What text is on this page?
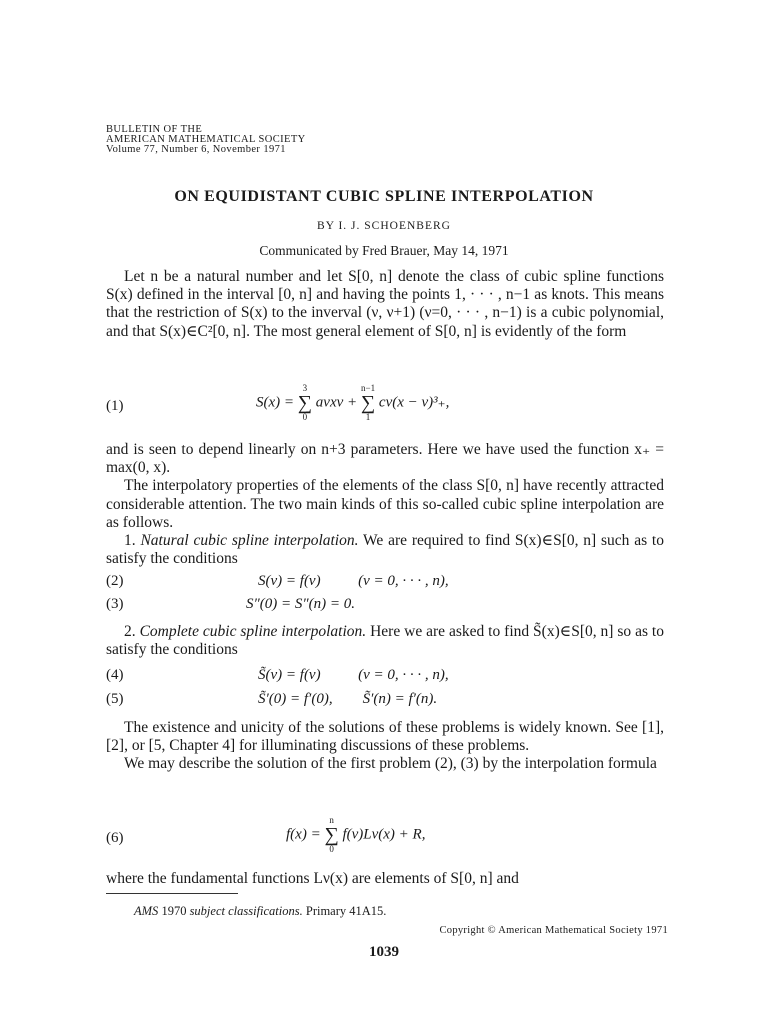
BULLETIN OF THE
AMERICAN MATHEMATICAL SOCIETY
Volume 77, Number 6, November 1971
ON EQUIDISTANT CUBIC SPLINE INTERPOLATION
BY I. J. SCHOENBERG
Communicated by Fred Brauer, May 14, 1971

Let n be a natural number and let S[0, n] denote the class of cubic spline functions S(x) defined in the interval [0, n] and having the points 1, · · · , n−1 as knots. This means that the restriction of S(x) to the inverval (ν, ν+1) (ν=0, · · · , n−1) is a cubic polynomial, and that S(x)∈C²[0, n]. The most general element of S[0, n] is evidently of the form

(1)	S(x) =
3
∑
0
aνxν +
n−1
∑
1
cν(x − ν)³₊,

and is seen to depend linearly on n+3 parameters. Here we have used the function x₊ = max(0, x).

The interpolatory properties of the elements of the class S[0, n] have recently attracted considerable attention. The two main kinds of this so-called cubic spline interpolation are as follows.

1. Natural cubic spline interpolation. We are required to find S(x)∈S[0, n] such as to satisfy the conditions

(2)	S(ν) = f(ν)          (ν = 0, · · · , n),
(3)	S″(0) = S″(n) = 0.

2. Complete cubic spline interpolation. Here we are asked to find S̃(x)∈S[0, n] so as to satisfy the conditions

(4)	S̃(ν) = f(ν)          (ν = 0, · · · , n),
(5)	S̃′(0) = f′(0),        S̃′(n) = f′(n).

The existence and unicity of the solutions of these problems is widely known. See [1], [2], or [5, Chapter 4] for illuminating discussions of these problems.

We may describe the solution of the first problem (2), (3) by the interpolation formula

(6)	f(x) =
n
∑
0
f(ν)Lν(x) + R,

where the fundamental functions Lν(x) are elements of S[0, n] and

AMS 1970 subject classifications. Primary 41A15.
Copyright © American Mathematical Society 1971
1039
